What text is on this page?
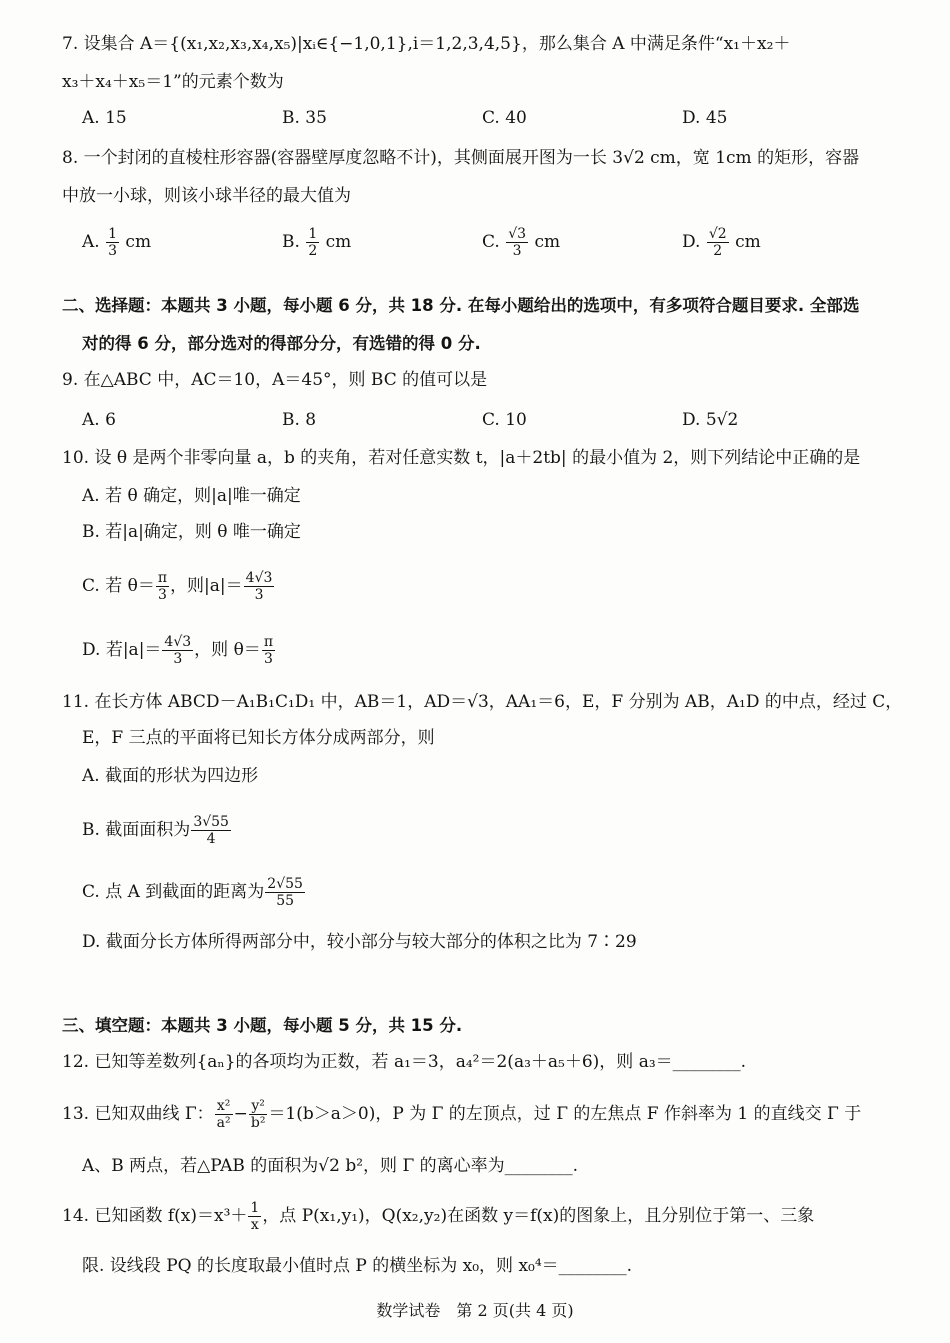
7. 设集合 A＝{(x₁,x₂,x₃,x₄,x₅)|xᵢ∈{−1,0,1},i＝1,2,3,4,5}，那么集合 A 中满足条件“x₁＋x₂＋
x₃＋x₄＋x₅＝1”的元素个数为
A. 15	B. 35	C. 40	D. 45
8. 一个封闭的直棱柱形容器(容器壁厚度忽略不计)，其侧面展开图为一长 3√2 cm，宽 1cm 的矩形，容器
中放一小球，则该小球半径的最大值为
A. $\frac{1}{3}$ cm	B. $\frac{1}{2}$ cm	C. $\frac{√3}{3}$ cm	D. $\frac{√2}{2}$ cm
二、选择题：本题共 3 小题，每小题 6 分，共 18 分. 在每小题给出的选项中，有多项符合题目要求. 全部选
对的得 6 分，部分选对的得部分分，有选错的得 0 分.
9. 在△ABC 中，AC＝10，A＝45°，则 BC 的值可以是
A. 6	B. 8	C. 10	D. 5√2
10. 设 θ 是两个非零向量 a，b 的夹角，若对任意实数 t，|a＋2tb| 的最小值为 2，则下列结论中正确的是
A. 若 θ 确定，则|a|唯一确定
B. 若|a|确定，则 θ 唯一确定
C. 若 $\theta= \frac{\pi}{3}$ ，则$|a|= \frac{4√3}{3}$
D. 若$|a|= \frac{4√3}{3}$ ，则 $\theta= \frac{\pi}{3}$
11. 在长方体 ABCD－A₁B₁C₁D₁ 中，AB＝1，AD＝√3，AA₁＝6，E，F 分别为 AB，A₁D 的中点，经过 C，
E，F 三点的平面将已知长方体分成两部分，则
A. 截面的形状为四边形
B. 截面面积为 $\frac{3√55}{4}$
C. 点 A 到截面的距离为 $\frac{2√55}{55}$
D. 截面分长方体所得两部分中，较小部分与较大部分的体积之比为 7∶29
三、填空题：本题共 3 小题，每小题 5 分，共 15 分.
12. 已知等差数列{aₙ}的各项均为正数，若 a₁＝3，a₄²＝2(a₃＋a₅＋6)，则 a₃＝________.
13. 已知双曲线 Γ： $\frac{\text{x²}}{\text{a²}} - \frac{\text{y²}}{\text{b²}} =1(b>a>0)$，P 为 Γ 的左顶点，过 Γ 的左焦点 F 作斜率为 1 的直线交 Γ 于
A、B 两点，若△PAB 的面积为√2 b²，则 Γ 的离心率为________.
14. 已知函数 $f(x)=x^3+ \frac{1}{x}$ ，点 P(x₁,y₁)，Q(x₂,y₂)在函数 y＝f(x)的图象上，且分别位于第一、三象
限. 设线段 PQ 的长度取最小值时点 P 的横坐标为 x₀，则 x₀⁴＝________.
数学试卷　第 2 页(共 4 页)
